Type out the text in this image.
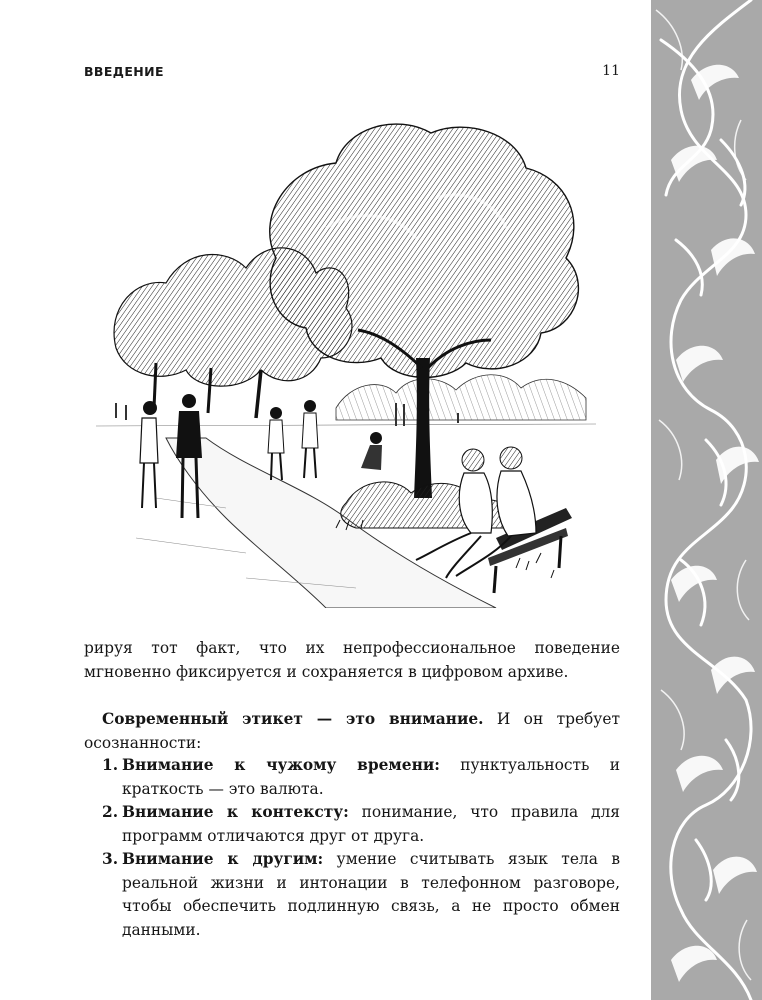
ВВЕДЕНИЕ	11
рируя тот факт, что их непрофессиональное поведение мгновенно фиксируется и сохраняется в цифровом архиве.
Современный этикет — это внимание. И он требует осознанности:
1. Внимание к чужому времени: пунктуальность и краткость — это валюта.
2. Внимание к контексту: понимание, что правила для программ отличаются друг от друга.
3. Внимание к другим: умение считывать язык тела в реальной жизни и интонации в телефонном разговоре, чтобы обеспечить подлинную связь, а не просто обмен данными.
